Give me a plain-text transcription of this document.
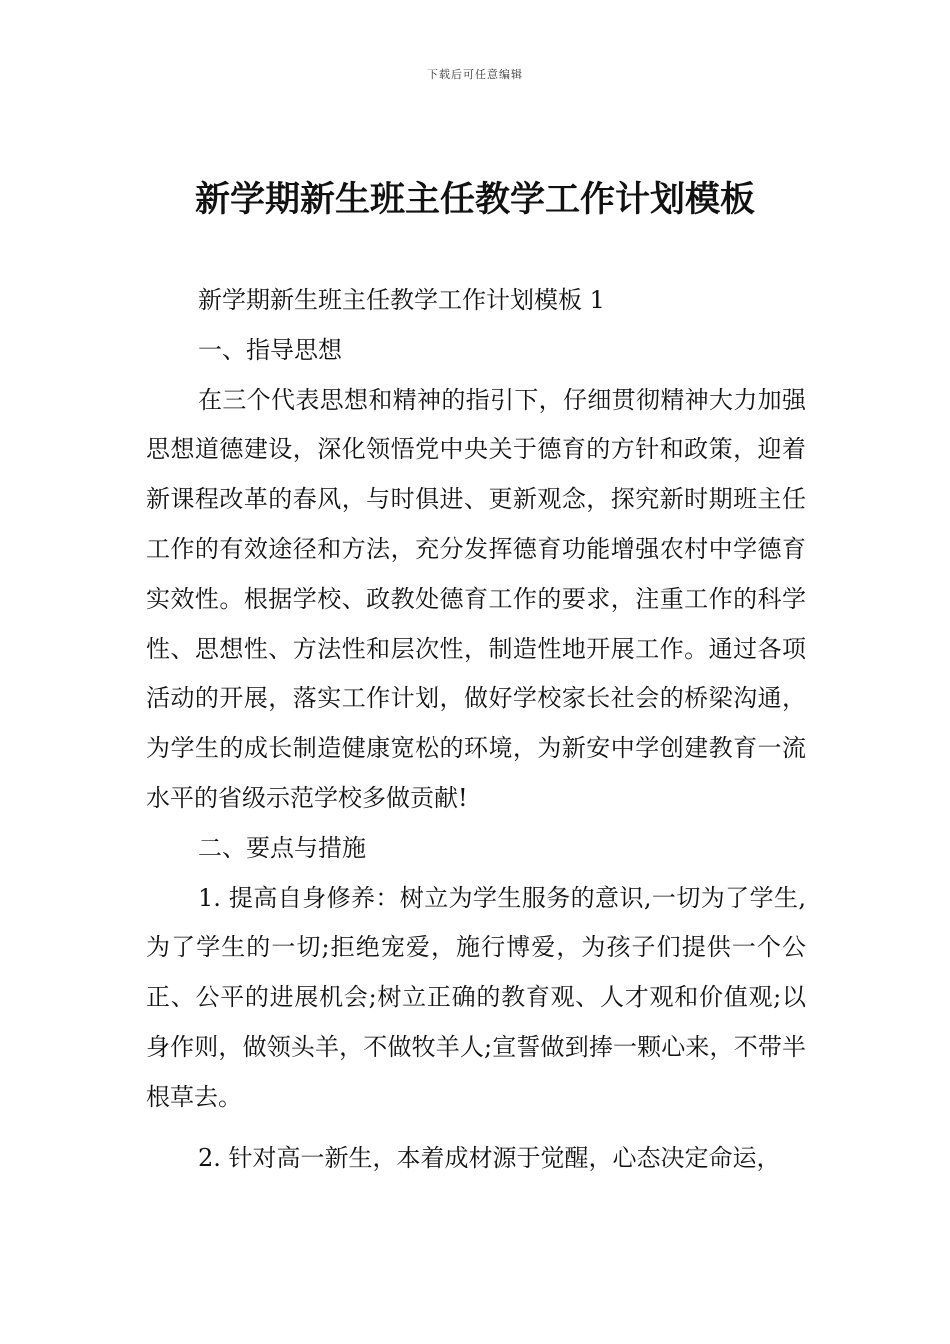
下载后可任意编辑
新学期新生班主任教学工作计划模板

新学期新生班主任教学工作计划模板 1

一、指导思想

在三个代表思想和精神的指引下，仔细贯彻精神大力加强思想道德建设，深化领悟党中央关于德育的方针和政策，迎着新课程改革的春风，与时俱进、更新观念，探究新时期班主任工作的有效途径和方法，充分发挥德育功能增强农村中学德育实效性。根据学校、政教处德育工作的要求，注重工作的科学性、思想性、方法性和层次性，制造性地开展工作。通过各项活动的开展，落实工作计划，做好学校家长社会的桥梁沟通，为学生的成长制造健康宽松的环境，为新安中学创建教育一流水平的省级示范学校多做贡献!

二、要点与措施

1. 提高自身修养：树立为学生服务的意识,一切为了学生,为了学生的一切;拒绝宠爱，施行博爱，为孩子们提供一个公正、公平的进展机会;树立正确的教育观、人才观和价值观;以身作则，做领头羊，不做牧羊人;宣誓做到捧一颗心来，不带半根草去。

2. 针对高一新生，本着成材源于觉醒，心态决定命运，
